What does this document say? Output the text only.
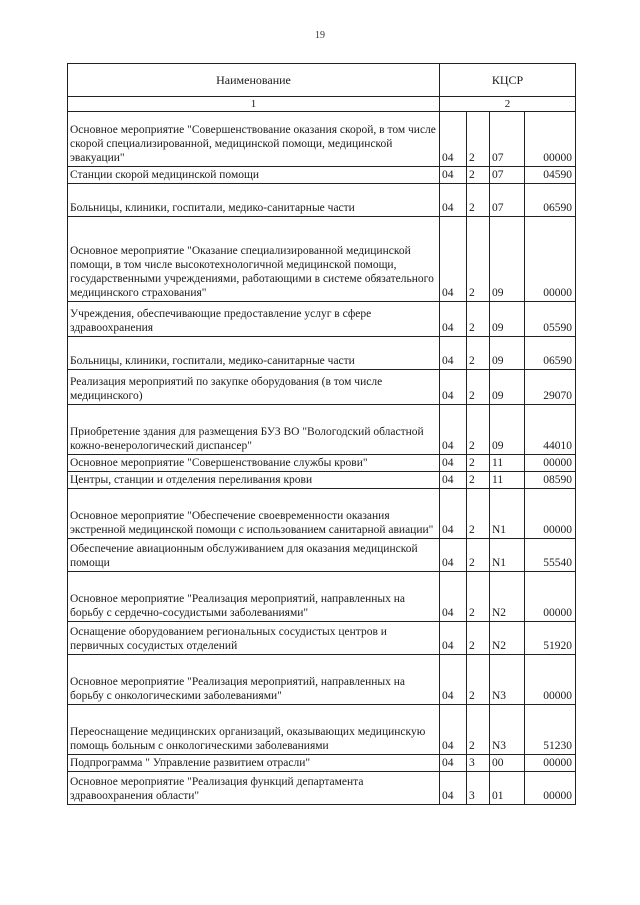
19
Наименование	КЦСР			
1	2			
Основное мероприятие "Совершенствование оказания скорой, в том числе скорой специализированной, медицинской помощи, медицинской эвакуации"	04	2	07	00000
Станции скорой медицинской помощи	04	2	07	04590
Больницы, клиники, госпитали, медико-санитарные части	04	2	07	06590
Основное мероприятие "Оказание специализированной медицинской помощи, в том числе высокотехнологичной медицинской помощи, государственными учреждениями, работающими в системе обязательного медицинского страхования"	04	2	09	00000
Учреждения, обеспечивающие предоставление услуг в сфере здравоохранения	04	2	09	05590
Больницы, клиники, госпитали, медико-санитарные части	04	2	09	06590
Реализация мероприятий по закупке оборудования (в том числе медицинского)	04	2	09	29070
Приобретение здания для размещения БУЗ ВО "Вологодский областной кожно-венерологический диспансер"	04	2	09	44010
Основное мероприятие "Совершенствование службы крови"	04	2	11	00000
Центры, станции и отделения переливания крови	04	2	11	08590
Основное мероприятие "Обеспечение своевременности оказания экстренной медицинской помощи с использованием санитарной авиации"	04	2	N1	00000
Обеспечение авиационным обслуживанием для оказания медицинской помощи	04	2	N1	55540
Основное мероприятие "Реализация мероприятий, направленных на борьбу с сердечно-сосудистыми заболеваниями"	04	2	N2	00000
Оснащение оборудованием региональных сосудистых центров и первичных сосудистых отделений	04	2	N2	51920
Основное мероприятие "Реализация мероприятий, направленных на борьбу с онкологическими заболеваниями"	04	2	N3	00000
Переоснащение медицинских организаций, оказывающих медицинскую помощь больным с онкологическими заболеваниями	04	2	N3	51230
Подпрограмма " Управление развитием отрасли"	04	3	00	00000
Основное мероприятие "Реализация функций департамента здравоохранения области"	04	3	01	00000
